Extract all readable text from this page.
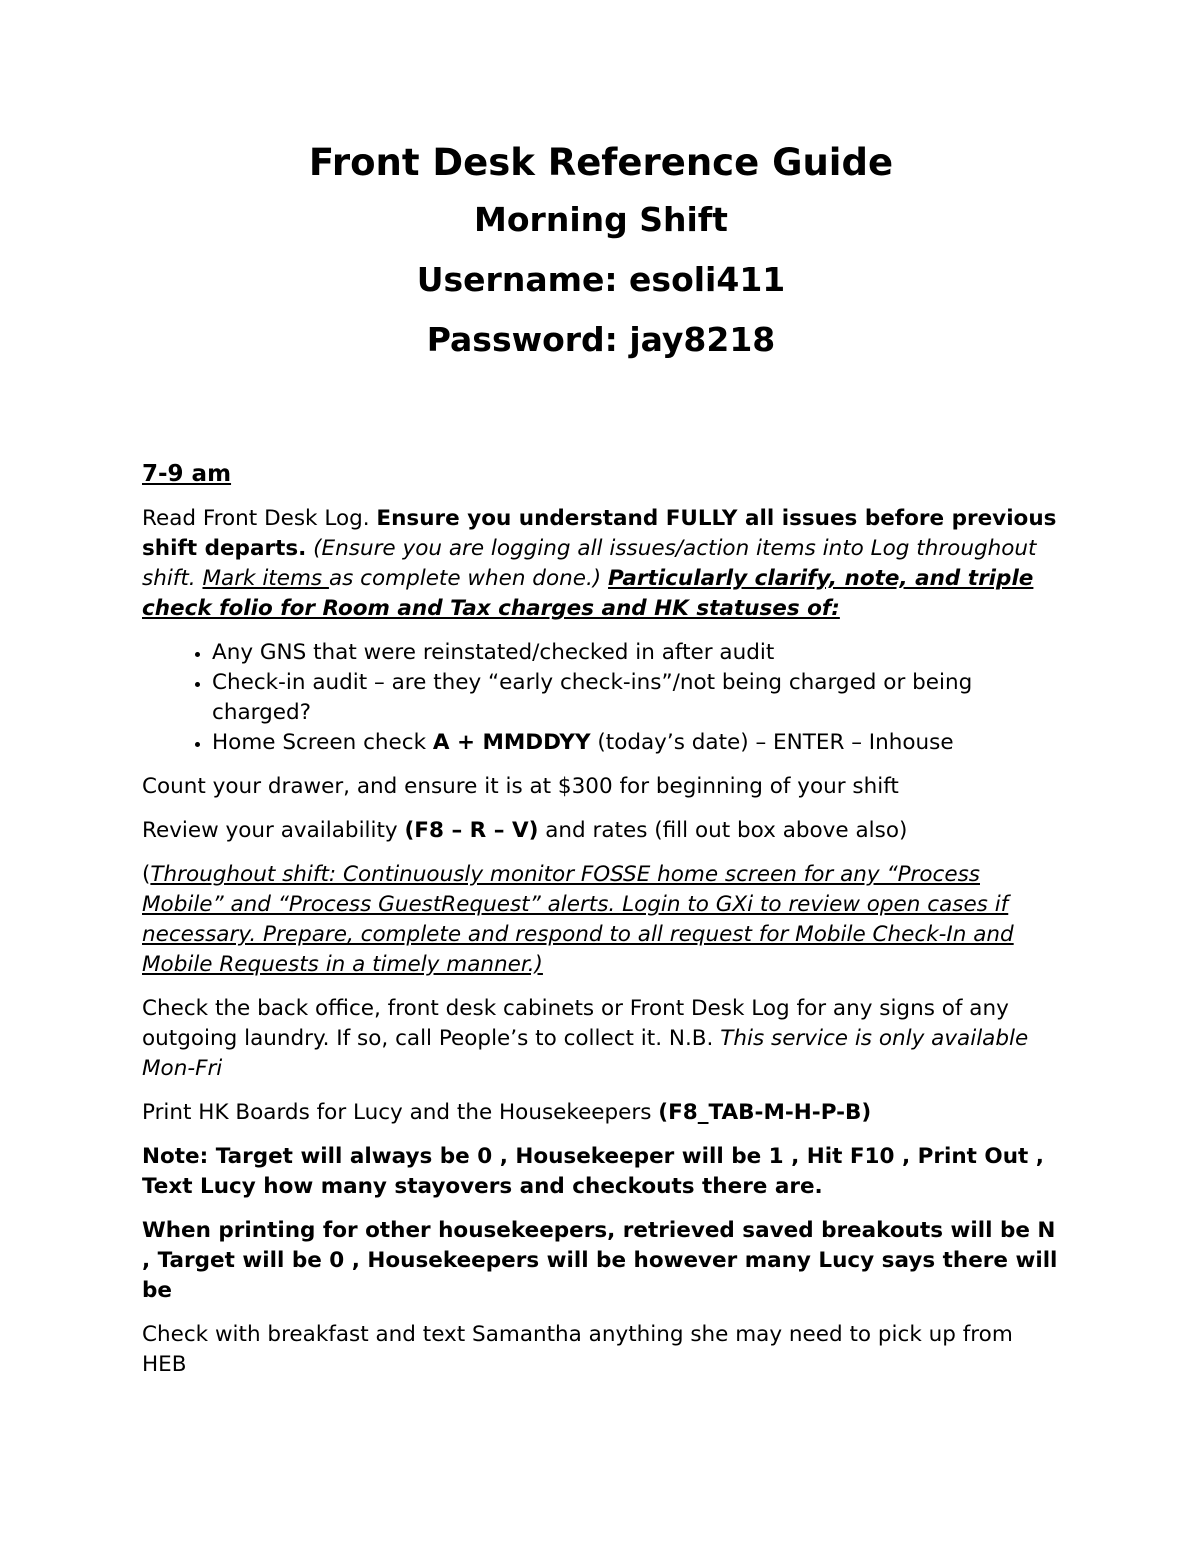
Front Desk Reference Guide
Morning Shift
Username: esoli411
Password: jay8218
7-9 am

Read Front Desk Log. Ensure you understand FULLY all issues before previous shift departs. (Ensure you are logging all issues/action items into Log throughout shift. Mark items as complete when done.) Particularly clarify, note, and triple check folio for Room and Tax charges and HK statuses of:

• Any GNS that were reinstated/checked in after audit
• Check-in audit – are they “early check-ins”/not being charged or being charged?
• Home Screen check A + MMDDYY (today’s date) – ENTER – Inhouse

Count your drawer, and ensure it is at $300 for beginning of your shift

Review your availability (F8 – R – V) and rates (fill out box above also)

(Throughout shift: Continuously monitor FOSSE home screen for any “Process Mobile” and “Process GuestRequest” alerts. Login to GXi to review open cases if necessary. Prepare, complete and respond to all request for Mobile Check-In and Mobile Requests in a timely manner.)

Check the back office, front desk cabinets or Front Desk Log for any signs of any outgoing laundry. If so, call People’s to collect it. N.B. This service is only available Mon-Fri

Print HK Boards for Lucy and the Housekeepers (F8_TAB-M-H-P-B)

Note: Target will always be 0 , Housekeeper will be 1 , Hit F10 , Print Out , Text Lucy how many stayovers and checkouts there are.

When printing for other housekeepers, retrieved saved breakouts will be N , Target will be 0 , Housekeepers will be however many Lucy says there will be

Check with breakfast and text Samantha anything she may need to pick up from HEB
